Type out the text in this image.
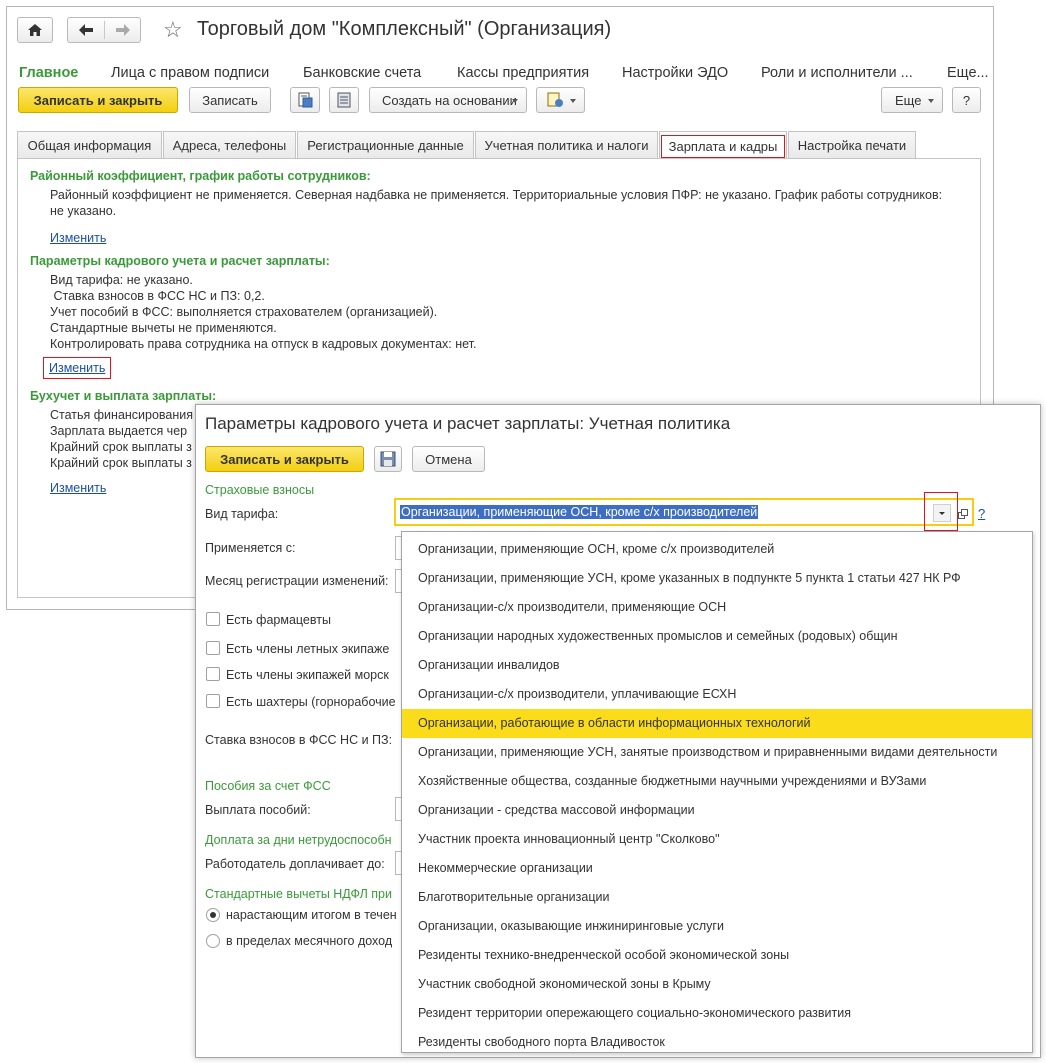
☆ Торговый дом "Комплексный" (Организация)
Главное Лица с правом подписи Банковские счета Кассы предприятия Настройки ЭДО Роли и исполнители ... Еще...
Записать и закрыть	Записать	Создать на основании	Еще	?
Общая информация	Адреса, телефоны	Регистрационные данные	Учетная политика и налоги	Зарплата и кадры	Настройка печати
Районный коэффициент, график работы сотрудников:
Районный коэффициент не применяется. Северная надбавка не применяется. Территориальные условия ПФР: не указано. График работы сотрудников:
не указано.
Изменить
Параметры кадрового учета и расчет зарплаты:
Вид тарифа: не указано.
Ставка взносов в ФСС НС и ПЗ: 0,2.
Учет пособий в ФСС: выполняется страхователем (организацией).
Стандартные вычеты не применяются.
Контролировать права сотрудника на отпуск в кадровых документах: нет.
Изменить
Бухучет и выплата зарплаты:
Статья финансирования
Зарплата выдается чер
Крайний срок выплаты з
Крайний срок выплаты з
Изменить
Параметры кадрового учета и расчет зарплаты: Учетная политика
Записать и закрыть	Отмена
Страховые взносы
Вид тарифа:	Организации, применяющие ОСН, кроме с/х производителей	?
Применяется с:
Месяц регистрации изменений:
Есть фармацевты
Есть члены летных экипаже
Есть члены экипажей морск
Есть шахтеры (горнорабочие
Ставка взносов в ФСС НС и ПЗ:
Пособия за счет ФСС
Выплата пособий:
Доплата за дни нетрудоспособн
Работодатель доплачивает до:
Стандартные вычеты НДФЛ при
нарастающим итогом в течен
в пределах месячного доход
Организации, применяющие ОСН, кроме с/х производителей
Организации, применяющие УСН, кроме указанных в подпункте 5 пункта 1 статьи 427 НК РФ
Организации-с/х производители, применяющие ОСН
Организации народных художественных промыслов и семейных (родовых) общин
Организации инвалидов
Организации-с/х производители, уплачивающие ЕСХН
Организации, работающие в области информационных технологий
Организации, применяющие УСН, занятые производством и приравненными видами деятельности
Хозяйственные общества, созданные бюджетными научными учреждениями и ВУЗами
Организации - средства массовой информации
Участник проекта инновационный центр "Сколково"
Некоммерческие организации
Благотворительные организации
Организации, оказывающие инжиниринговые услуги
Резиденты технико-внедренческой особой экономической зоны
Участник свободной экономической зоны в Крыму
Резидент территории опережающего социально-экономического развития
Резиденты свободного порта Владивосток
